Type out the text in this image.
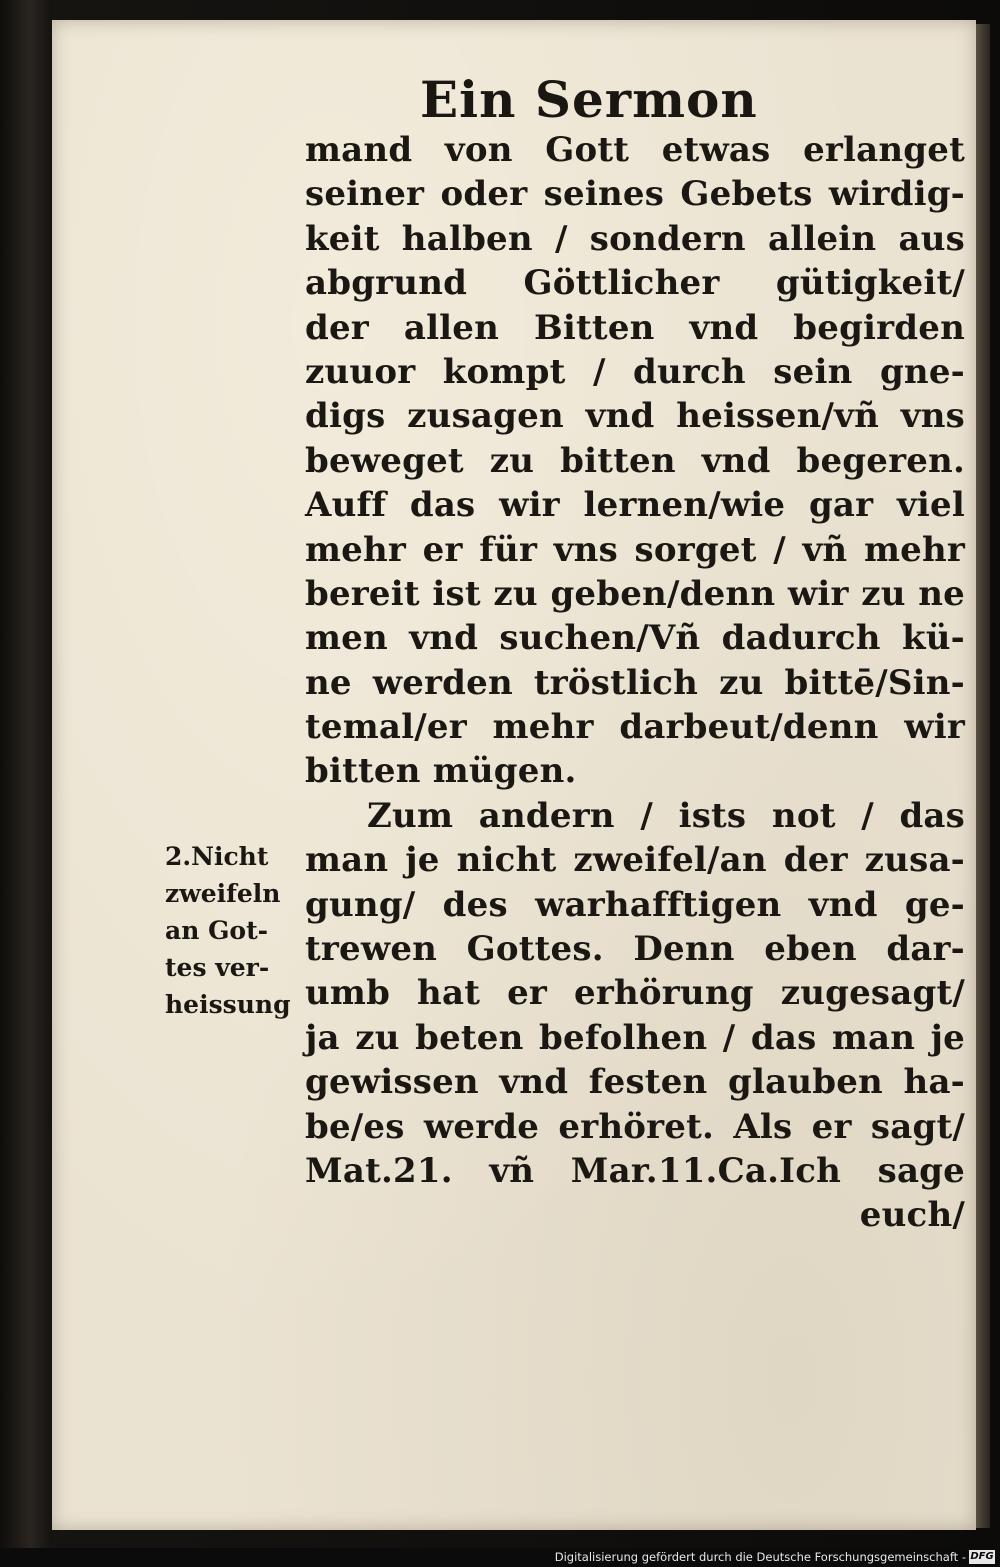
Ein Sermon
mand von Gott etwas erlanget
seiner oder seines Gebets wirdig-
keit halben / sondern allein aus
abgrund Göttlicher gütigkeit/
der allen Bitten vnd begirden
zuuor kompt / durch sein gne-
digs zusagen vnd heissen/vñ vns
beweget zu bitten vnd begeren.
Auff das wir lernen/wie gar viel
mehr er für vns sorget / vñ mehr
bereit ist zu geben/denn wir zu ne
men vnd suchen/Vñ dadurch kü-
ne werden tröstlich zu bittē/Sin-
temal/er mehr darbeut/denn wir
bitten mügen.
Zum andern / ists not / das
man je nicht zweifel/an der zusa-
gung/ des warhafftigen vnd ge-
trewen Gottes. Denn eben dar-
umb hat er erhörung zugesagt/
ja zu beten befolhen / das man je
gewissen vnd festen glauben ha-
be/es werde erhöret. Als er sagt/
Mat.21. vñ Mar.11.Ca.Ich sage
euch/
2.Nicht
zweifeln
an Got-
tes ver-
heissung
Digitalisierung gefördert durch die Deutsche Forschungsgemeinschaft - DFG
